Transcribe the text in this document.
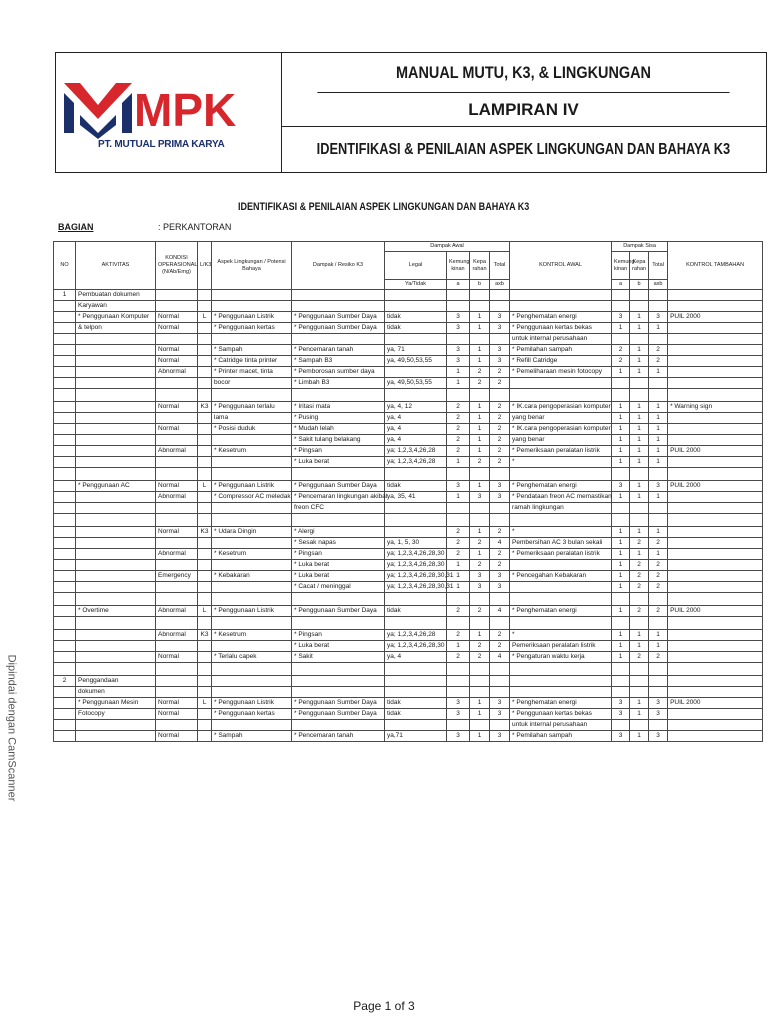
MPK
PT. MUTUAL PRIMA KARYA
MANUAL MUTU, K3, & LINGKUNGAN
LAMPIRAN IV
IDENTIFIKASI & PENILAIAN ASPEK LINGKUNGAN DAN BAHAYA K3
IDENTIFIKASI & PENILAIAN ASPEK LINGKUNGAN DAN BAHAYA K3
BAGIAN	: PERKANTORAN
NO	AKTIVITAS	KONDISI OPERASIONAL (N/Ab/Emg)	L/K3	Aspek Lingkungan / Potensi Bahaya	Dampak / Resiko K3	Dampak Awal				KONTROL AWAL	Dampak Sisa			KONTROL TAMBAHAN
						Legal	Kemung kinan	Kepa rahan	Total		Kemung kinan	Kepa rahan	Total	
						Ya/Tidak	a	b	axb		a	b	axb	
1	Pembuatan dokumen													
	Karyawan													
	* Penggunaan Komputer	Normal	L	* Penggunaan Listrik	* Penggunaan Sumber Daya	tidak	3	1	3	* Penghematan energi	3	1	3	PUIL 2000
	& telpon	Normal		* Penggunaan kertas	* Penggunaan Sumber Daya	tidak	3	1	3	* Penggunaan kertas bekas	1	1	1	
										untuk internal perusahaan				
		Normal		* Sampah	* Pencemaran tanah	ya, 71	3	1	3	* Pemilahan sampah	2	1	2	
		Normal		* Catridge tinta printer	* Sampah B3	ya, 49,50,53,55	3	1	3	* Refill Catridge	2	1	2	
		Abnormal		* Printer macet, tinta	* Pemborosan sumber daya		1	2	2	* Pemeliharaan mesin fotocopy	1	1	1	
				bocor	* Limbah B3	ya, 49,50,53,55	1	2	2					

		Normal	K3	* Penggunaan terlalu	* Iritasi mata	ya, 4, 12	2	1	2	* IK.cara pengoperasian komputer	1	1	1	* Warning sign
				lama	* Pusing	ya, 4	2	1	2	yang benar	1	1	1	
		Normal		* Posisi duduk	* Mudah lelah	ya, 4	2	1	2	* IK.cara pengoperasian komputer	1	1	1	
					* Sakit tulang belakang	ya, 4	2	1	2	yang benar	1	1	1	
		Abnormal		* Kesetrum	* Pingsan	ya; 1,2,3,4,26,28	2	1	2	* Pemeriksaan peralatan listrik	1	1	1	PUIL 2000
					* Luka berat	ya; 1,2,3,4,26,28	1	2	2	*	1	1	1	

	* Penggunaan AC	Normal	L	* Penggunaan Listrik	* Penggunaan Sumber Daya	tidak	3	1	3	* Penghematan energi	3	1	3	PUIL 2000
		Abnormal		* Compressor AC meledak	* Pencemaran lingkungan akibat	ya, 35, 41	1	3	3	* Pendataan freon AC memastikan	1	1	1	
					freon CFC					ramah lingkungan				

		Normal	K3	* Udara Dingin	* Alergi		2	1	2	*	1	1	1	
					* Sesak napas	ya, 1, 5, 30	2	2	4	Pembersihan AC 3 bulan sekali	1	2	2	
		Abnormal		* Kesetrum	* Pingsan	ya; 1,2,3,4,26,28,30	2	1	2	* Pemeriksaan peralatan listrik	1	1	1	
					* Luka berat	ya; 1,2,3,4,26,28,30	1	2	2		1	2	2	
		Emergency		* Kebakaran	* Luka berat	ya; 1,2,3,4,26,28,30,31	1	3	3	* Pencegahan Kebakaran	1	2	2	
					* Cacat / meninggal	ya; 1,2,3,4,26,28,30,31	1	3	3		1	2	2	

	* Overtime	Abnormal	L	* Penggunaan Listrik	* Penggunaan Sumber Daya	tidak	2	2	4	* Penghematan energi	1	2	2	PUIL 2000

		Abnormal	K3	* Kesetrum	* Pingsan	ya; 1,2,3,4,26,28	2	1	2	*	1	1	1	
					* Luka berat	ya; 1,2,3,4,26,28,30	1	2	2	Pemeriksaan peralatan listrik	1	1	1	
		Normal		* Terlalu capek	* Sakit	ya, 4	2	2	4	* Pengaturan waktu kerja	1	2	2	

2	Penggandaan													
	dokumen													
	* Penggunaan Mesin	Normal	L	* Penggunaan Listrik	* Penggunaan Sumber Daya	tidak	3	1	3	* Penghematan energi	3	1	3	PUIL 2000
	Fotocopy	Normal		* Penggunaan kertas	* Penggunaan Sumber Daya	tidak	3	1	3	* Penggunaan kertas bekas	3	1	3	
										untuk internal perusahaan				
		Normal		* Sampah	* Pencemaran tanah	ya,71	3	1	3	* Pemilahan sampah	3	1	3	
Page 1 of 3
Dipindai dengan CamScanner
